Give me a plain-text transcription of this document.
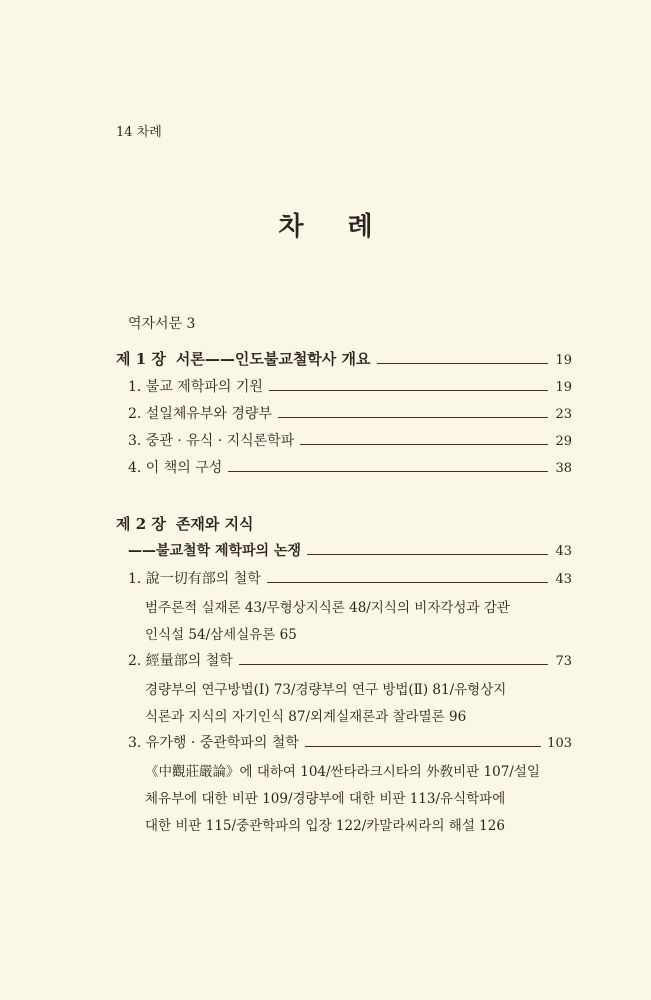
14 차례
차 례
역자서문 3
제 1 장 서론——인도불교철학사 개요	19
1. 불교 제학파의 기원	19
2. 설일체유부와 경량부	23
3. 중관 · 유식 · 지식론학파	29
4. 이 책의 구성	38
제 2 장 존재와 지식
——불교철학 제학파의 논쟁	43
1. 說一切有部의 철학	43
범주론적 실재론 43/무형상지식론 48/지식의 비자각성과 감관
인식설 54/삼세실유론 65
2. 經量部의 철학	73
경량부의 연구방법(Ⅰ) 73/경량부의 연구 방법(Ⅱ) 81/유형상지
식론과 지식의 자기인식 87/외계실재론과 찰라멸론 96
3. 유가행 · 중관학파의 철학	103
《中觀莊嚴論》에 대하여 104/싼타라크시타의 外敎비판 107/설일
체유부에 대한 비판 109/경량부에 대한 비판 113/유식학파에
대한 비판 115/중관학파의 입장 122/카말라씨라의 해설 126
